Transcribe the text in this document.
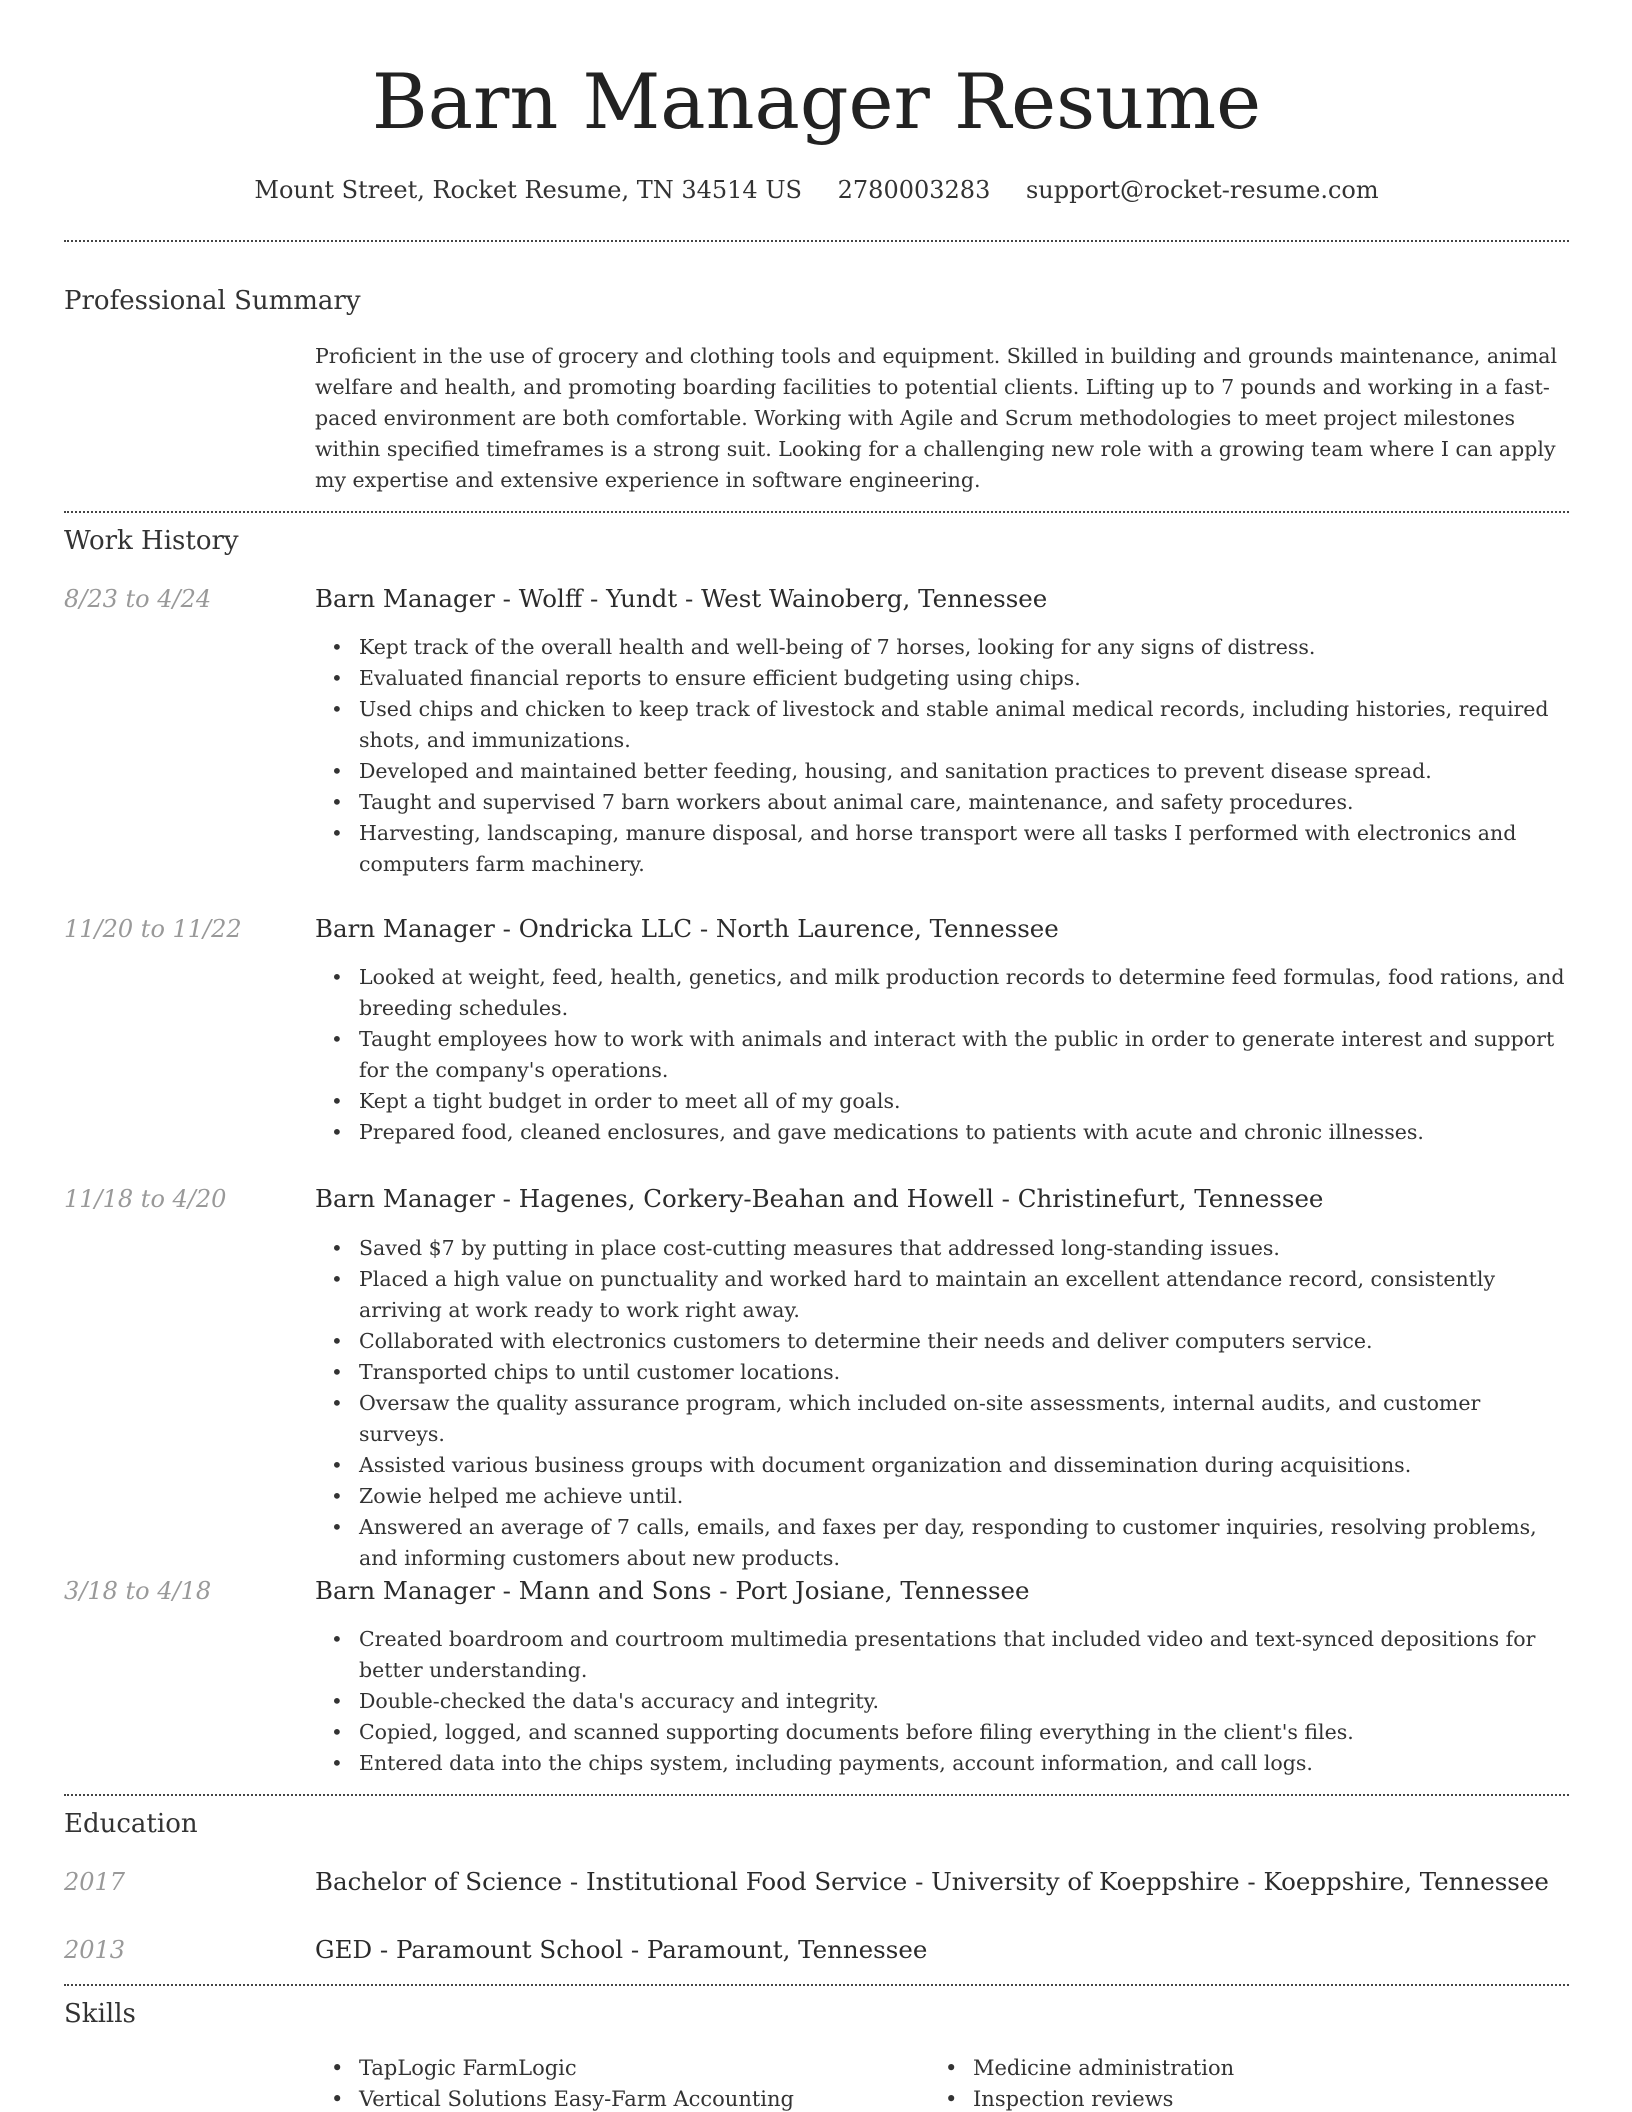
Barn Manager Resume
Mount Street, Rocket Resume, TN 34514 US 2780003283 support@rocket-resume.com
Professional Summary

Proficient in the use of grocery and clothing tools and equipment. Skilled in building and grounds maintenance, animal welfare and health, and promoting boarding facilities to potential clients. Lifting up to 7 pounds and working in a fast-paced environment are both comfortable. Working with Agile and Scrum methodologies to meet project milestones within specified timeframes is a strong suit. Looking for a challenging new role with a growing team where I can apply my expertise and extensive experience in software engineering.

Work History
8/23 to 4/24	Barn Manager - Wolff - Yundt - West Wainoberg, Tennessee
• Kept track of the overall health and well-being of 7 horses, looking for any signs of distress.
• Evaluated financial reports to ensure efficient budgeting using chips.
• Used chips and chicken to keep track of livestock and stable animal medical records, including histories, required shots, and immunizations.
• Developed and maintained better feeding, housing, and sanitation practices to prevent disease spread.
• Taught and supervised 7 barn workers about animal care, maintenance, and safety procedures.
• Harvesting, landscaping, manure disposal, and horse transport were all tasks I performed with electronics and computers farm machinery.
11/20 to 11/22	Barn Manager - Ondricka LLC - North Laurence, Tennessee
• Looked at weight, feed, health, genetics, and milk production records to determine feed formulas, food rations, and breeding schedules.
• Taught employees how to work with animals and interact with the public in order to generate interest and support for the company's operations.
• Kept a tight budget in order to meet all of my goals.
• Prepared food, cleaned enclosures, and gave medications to patients with acute and chronic illnesses.
11/18 to 4/20	Barn Manager - Hagenes, Corkery-Beahan and Howell - Christinefurt, Tennessee
• Saved $7 by putting in place cost-cutting measures that addressed long-standing issues.
• Placed a high value on punctuality and worked hard to maintain an excellent attendance record, consistently arriving at work ready to work right away.
• Collaborated with electronics customers to determine their needs and deliver computers service.
• Transported chips to until customer locations.
• Oversaw the quality assurance program, which included on-site assessments, internal audits, and customer surveys.
• Assisted various business groups with document organization and dissemination during acquisitions.
• Zowie helped me achieve until.
• Answered an average of 7 calls, emails, and faxes per day, responding to customer inquiries, resolving problems, and informing customers about new products.
3/18 to 4/18	Barn Manager - Mann and Sons - Port Josiane, Tennessee
• Created boardroom and courtroom multimedia presentations that included video and text-synced depositions for better understanding.
• Double-checked the data's accuracy and integrity.
• Copied, logged, and scanned supporting documents before filing everything in the client's files.
• Entered data into the chips system, including payments, account information, and call logs.
Education
2017	Bachelor of Science - Institutional Food Service - University of Koeppshire - Koeppshire, Tennessee
2013	GED - Paramount School - Paramount, Tennessee
Skills
• TapLogic FarmLogic
• Vertical Solutions Easy-Farm Accounting
• Medicine administration
• Inspection reviews
